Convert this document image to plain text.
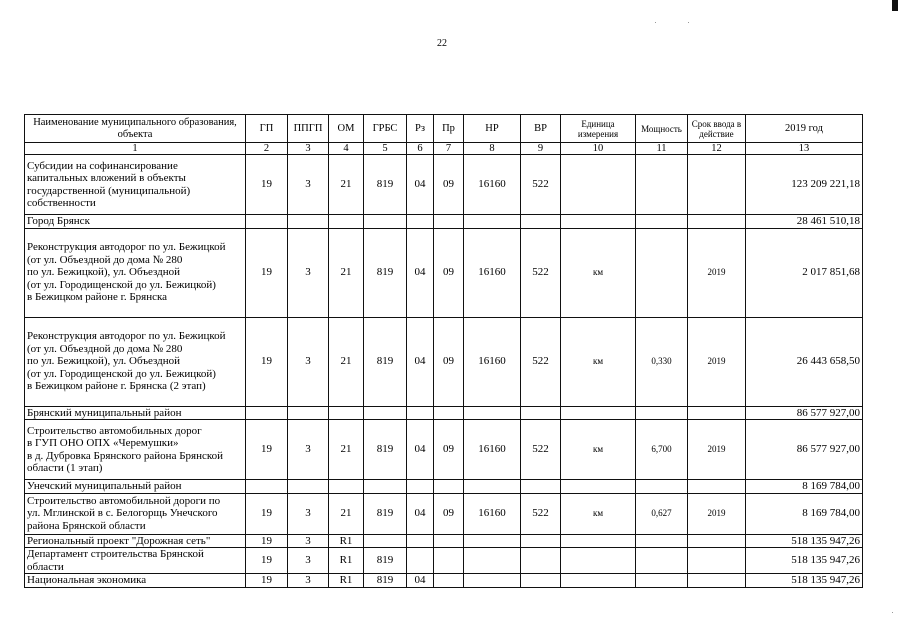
22
Наименование муниципального образования, объекта	ГП	ППГП	ОМ	ГРБС	Рз	Пр	НР	ВР	Единица измерения	Мощность	Срок ввода в действие	2019 год
1	2	3	4	5	6	7	8	9	10	11	12	13
Субсидии на софинансирование
капитальных вложений в объекты
государственной (муниципальной)
собственности	19	3	21	819	04	09	16160	522				123 209 221,18
Город Брянск												28 461 510,18
Реконструкция автодорог по ул. Бежицкой
(от ул. Объездной до дома № 280
по ул. Бежицкой), ул. Объездной
(от ул. Городищенской до ул. Бежицкой)
в Бежицком районе г. Брянска	19	3	21	819	04	09	16160	522	км		2019	2 017 851,68
Реконструкция автодорог по ул. Бежицкой
(от ул. Объездной до дома № 280
по ул. Бежицкой), ул. Объездной
(от ул. Городищенской до ул. Бежицкой)
в Бежицком районе г. Брянска (2 этап)	19	3	21	819	04	09	16160	522	км	0,330	2019	26 443 658,50
Брянский муниципальный район												86 577 927,00
Строительство автомобильных дорог
в ГУП ОНО ОПХ «Черемушки»
в д. Дубровка Брянского района Брянской
области (1 этап)	19	3	21	819	04	09	16160	522	км	6,700	2019	86 577 927,00
Унечский муниципальный район												8 169 784,00
Строительство автомобильной дороги по
ул. Мглинской в с. Белогорщь Унечского
района Брянской области	19	3	21	819	04	09	16160	522	км	0,627	2019	8 169 784,00
Региональный проект "Дорожная сеть"	19	3	R1									518 135 947,26
Департамент строительства Брянской
области	19	3	R1	819								518 135 947,26
Национальная экономика	19	3	R1	819	04							518 135 947,26
